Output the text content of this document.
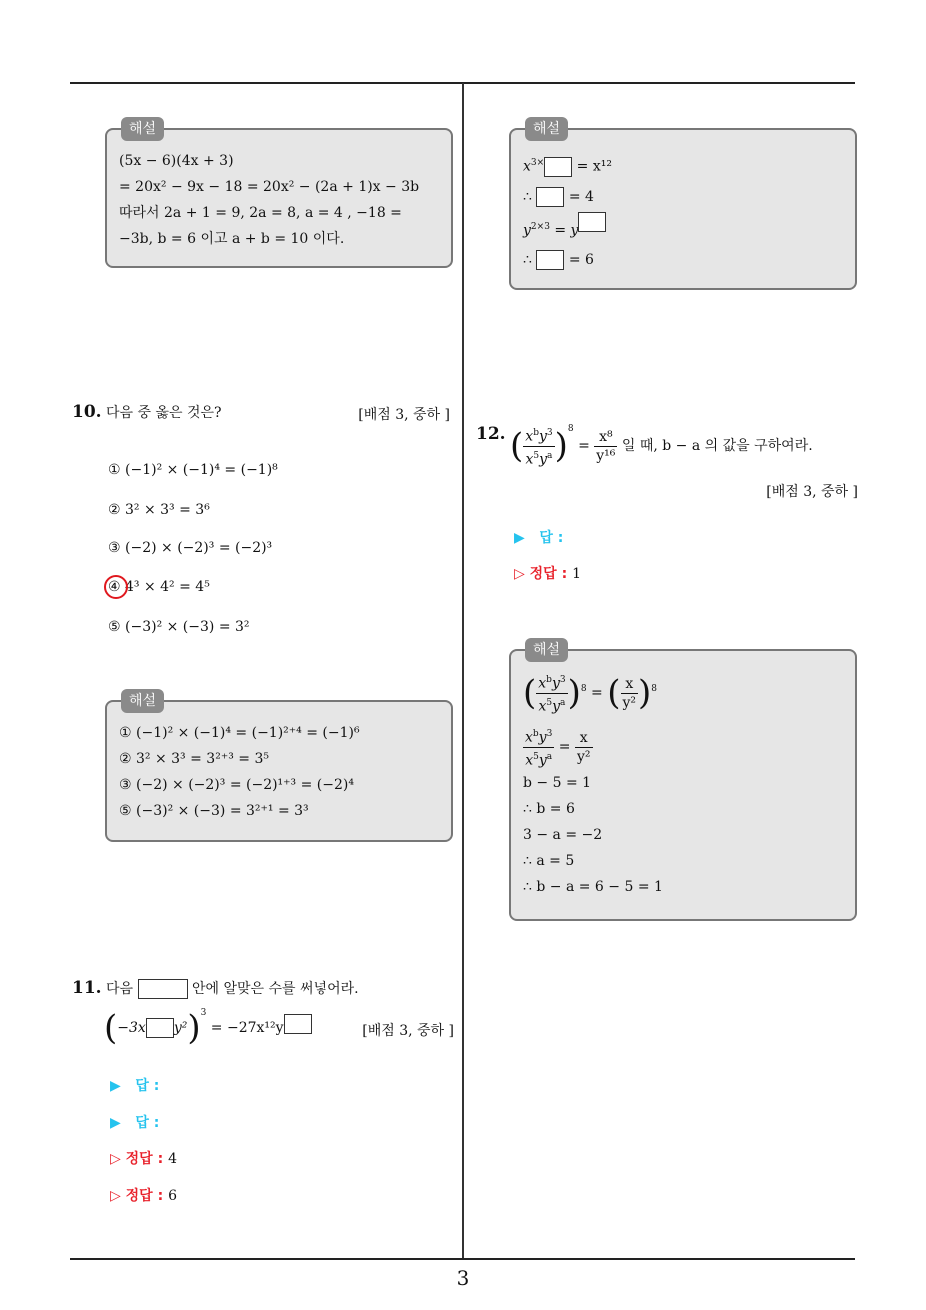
3
해설
(5x − 6)(4x + 3)
= 20x² − 9x − 18 = 20x² − (2a + 1)x − 3b
따라서 2a + 1 = 9, 2a = 8, a = 4 , −18 =
−3b, b = 6 이고 a + b = 10 이다.
해설
$x^{3\times} = x^{12}$
∴	= 4
$y^{2\times 3} = y$
∴	= 6
10. 다음 중 옳은 것은?	[배점 3, 중하 ]
① (−1)² × (−1)⁴ = (−1)⁸
② 3² × 3³ = 3⁶
③ (−2) × (−2)³ = (−2)³
④ 4³ × 4² = 4⁵
⑤ (−3)² × (−3) = 3²
해설
① (−1)² × (−1)⁴ = (−1)²⁺⁴ = (−1)⁶
② 3² × 3³ = 3²⁺³ = 3⁵
③ (−2) × (−2)³ = (−2)¹⁺³ = (−2)⁴
⑤ (−3)² × (−3) = 3²⁺¹ = 3³
11. 다음	안에 알맞은 수를 써넣어라.
(−3x y²)$^3$ = −27x¹²y	[배점 3, 중하 ]
▶ 답 :
▶ 답 :
▷ 정답 : 4
▷ 정답 : 6
12. ( $\frac{x^by^3}{x^5y^a} )^8 = \frac{\text{x⁸}}{\text{y¹⁶}}$ 일 때, b − a 의 값을 구하여라.
[배점 3, 중하 ]
▶ 답 :
▷ 정답 : 1
해설
( $\frac{x^by^3}{x^5y^a} )^8$ = ( $\frac{x}{\text{y²}} )^8$
$\frac{x^by^3}{x^5y^a} = \frac{x}{\text{y²}}$
b − 5 = 1
∴ b = 6
3 − a = −2
∴ a = 5
∴ b − a = 6 − 5 = 1
